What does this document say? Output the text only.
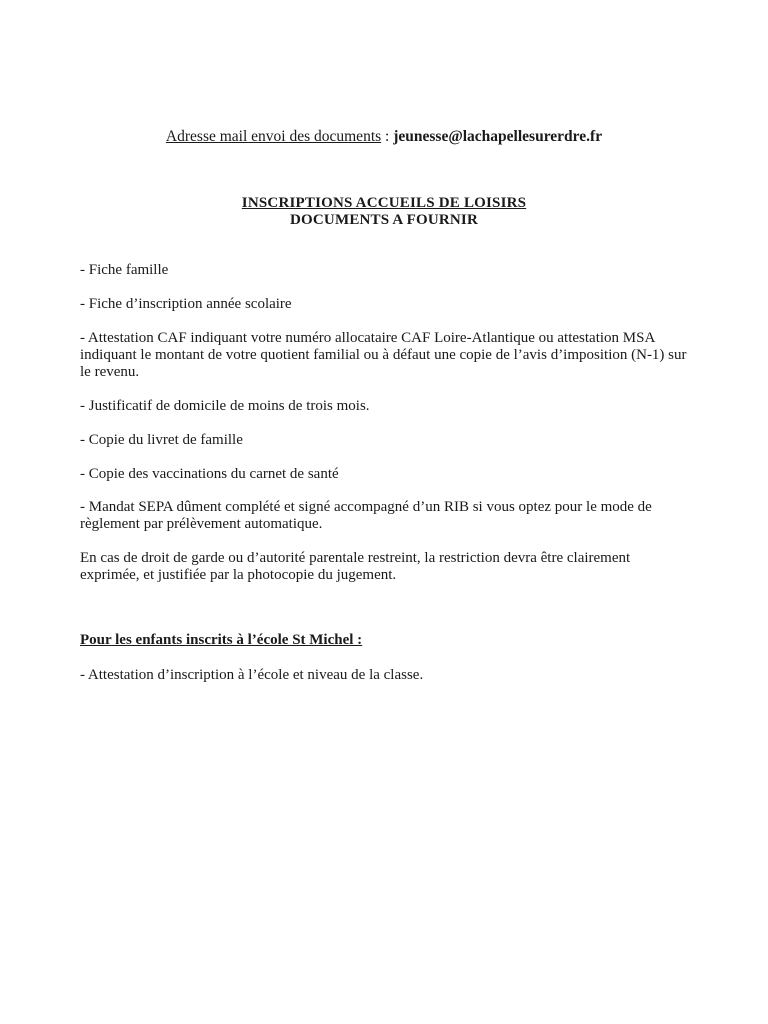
Adresse mail envoi des documents : jeunesse@lachapellesurerdre.fr
INSCRIPTIONS ACCUEILS DE LOISIRS
DOCUMENTS A FOURNIR
- Fiche famille
- Fiche d’inscription année scolaire
- Attestation CAF indiquant votre numéro allocataire CAF Loire-Atlantique ou attestation MSA indiquant le montant de votre quotient familial ou à défaut une copie de l’avis d’imposition (N-1) sur le revenu.
- Justificatif de domicile de moins de trois mois.
- Copie du livret de famille
- Copie des vaccinations du carnet de santé
- Mandat SEPA dûment complété et signé accompagné d’un RIB si vous optez pour le mode de règlement par prélèvement automatique.
En cas de droit de garde ou d’autorité parentale restreint, la restriction devra être clairement exprimée, et justifiée par la photocopie du jugement.
Pour les enfants inscrits à l’école St Michel :
- Attestation d’inscription à l’école et niveau de la classe.
